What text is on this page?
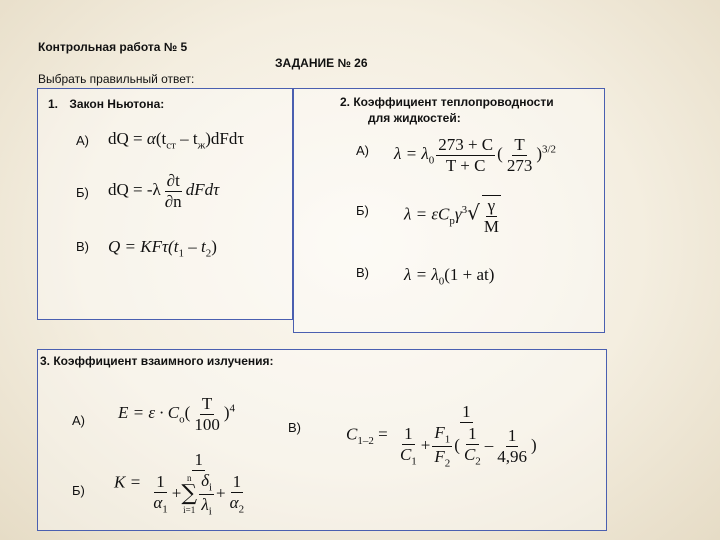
Контрольная работа № 5
ЗАДАНИЕ № 26
Выбрать правильный ответ:
1. Закон Ньютона:
А) dQ = $\alpha(t_{ст} - t_ж)dFd\tau$
Б) dQ = $-\lambda \frac{\partial t}{\partial n}$ dFdτ
В) $Q = KF\tau(t_1 - t_2)$
2. Коэффициент теплопроводности
для жидкостей:
А) $\lambda = \lambda_0 \frac{273 + C}{T + C}$ ( $\frac{T}{273} )^{3/2}$
Б) $\lambda = \varepsilon C_p\gamma^3√ \frac{\gamma}{M}$
В) $\lambda = \lambda_0(1 + at)$
3. Коэффициент взаимного излучения:
А) $E = \varepsilon \cdot C_o( \frac{T}{100} )^4$
Б) K = 1
$\frac{1}{\alpha_1}$ +
n
∑
$i=1 \frac{\delta_i}{\lambda_i} + \frac{1}{\alpha_2}$
В)	$C_{1-2} = \frac{1}{\frac{1}{C_1} + \frac{F_1}{F_2} ( \frac{1}{C_2} - \frac{1}{4,96} )}$
